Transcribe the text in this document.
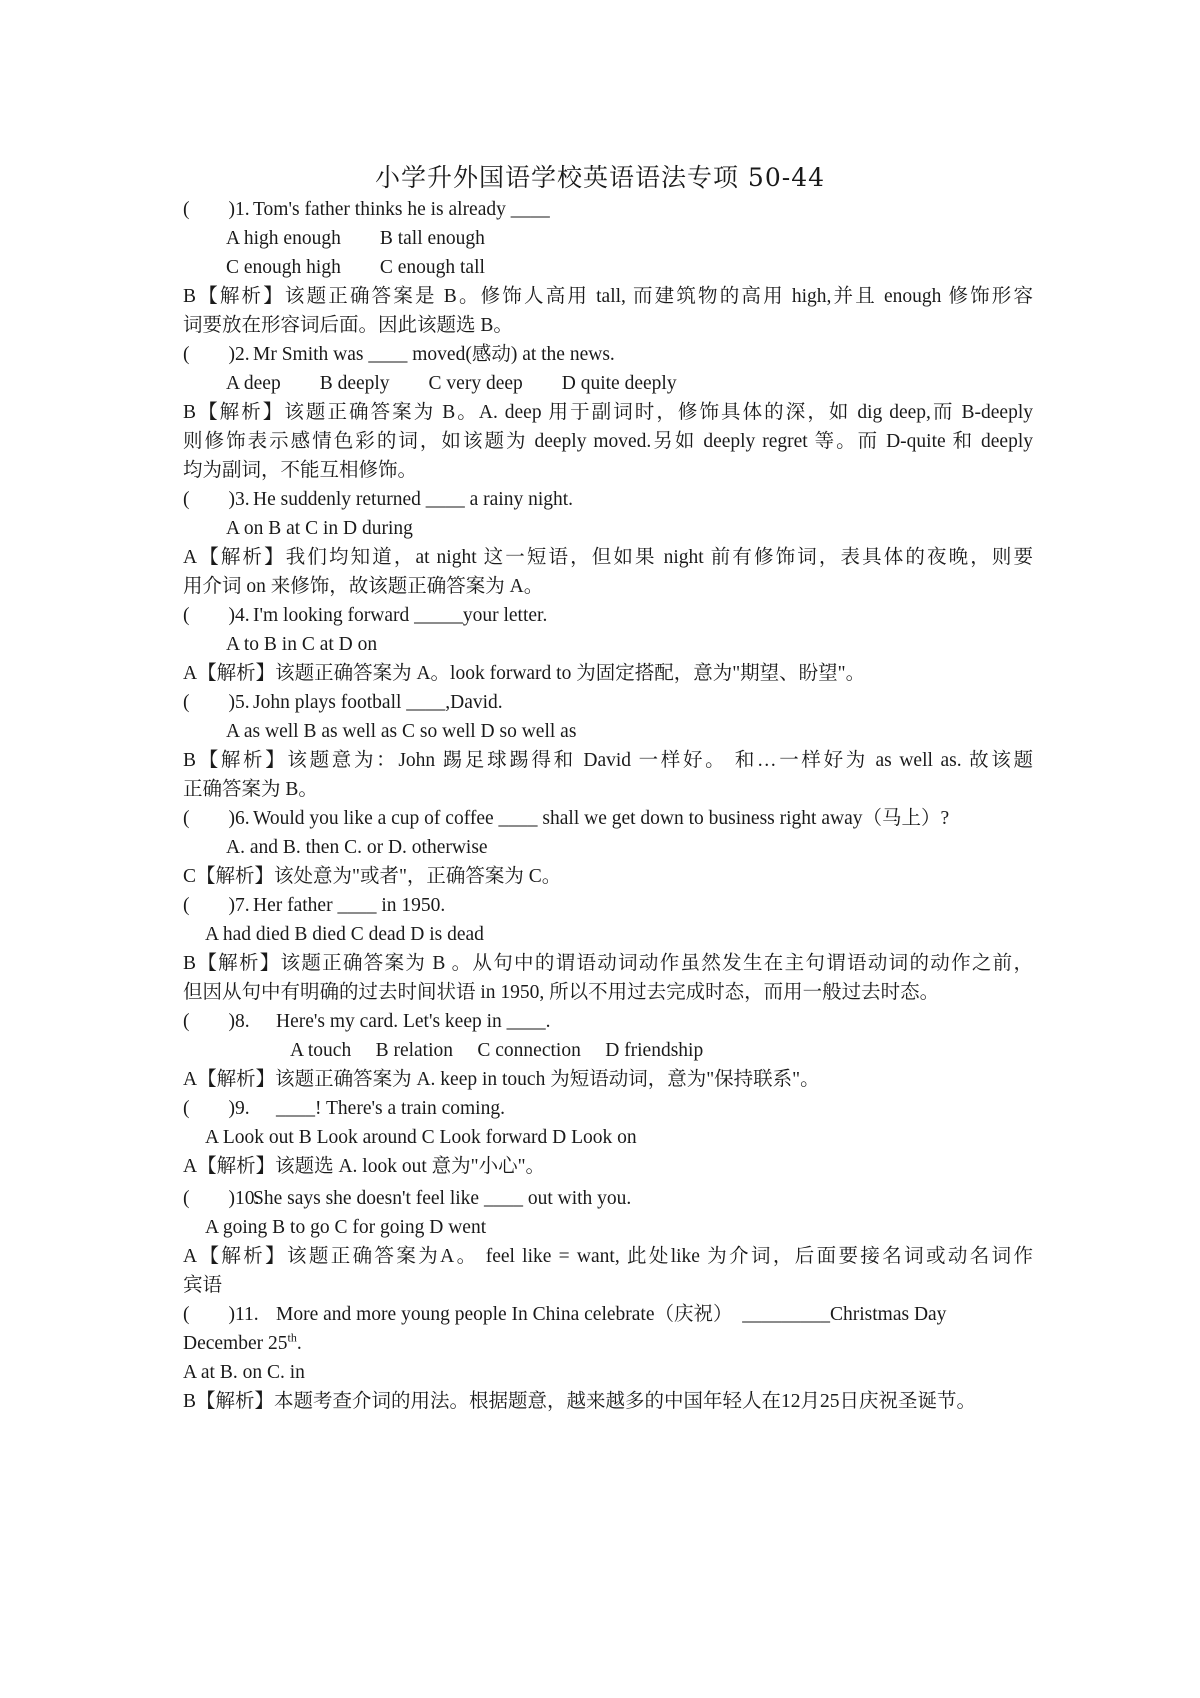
小学升外国语学校英语语法专项 50-44
(　　)1. Tom's father thinks he is already ____
A high enough　　B tall enough
C enough high　　C enough tall
B【解析】该题正确答案是 B。修饰人高用 tall, 而建筑物的高用 high,并且 enough 修饰形容
词要放在形容词后面。因此该题选 B。
(　　)2. Mr Smith was ____ moved(感动) at the news.
A deep　　B deeply　　C very deep　　D quite deeply
B【解析】该题正确答案为 B。A. deep 用于副词时，修饰具体的深，如 dig deep,而 B-deeply
则修饰表示感情色彩的词，如该题为 deeply moved.另如 deeply regret 等。而 D-quite 和 deeply
均为副词，不能互相修饰。
(　　)3. He suddenly returned ____ a rainy night.
A on B at C in D during
A【解析】我们均知道，at night 这一短语，但如果 night 前有修饰词，表具体的夜晚，则要
用介词 on 来修饰，故该题正确答案为 A。
(　　)4. I'm looking forward _____your letter.
A to B in C at D on
A【解析】该题正确答案为 A。look forward to 为固定搭配，意为"期望、盼望"。
(　　)5. John plays football ____,David.
A as well B as well as C so well D so well as
B【解析】该题意为：John 踢足球踢得和 David 一样好。 和…一样好为 as well as. 故该题
正确答案为 B。
(　　)6. Would you like a cup of coffee ____ shall we get down to business right away（马上）?
A. and B. then C. or D. otherwise
C【解析】该处意为"或者"，正确答案为 C。
(　　)7. Her father ____ in 1950.
A had died B died C dead D is dead
B【解析】该题正确答案为 B 。从句中的谓语动词动作虽然发生在主句谓语动词的动作之前，
但因从句中有明确的过去时间状语 in 1950, 所以不用过去完成时态，而用一般过去时态。
(　　)8. Here's my card. Let's keep in ____.
A touch　 B relation　 C connection　 D friendship
A【解析】该题正确答案为 A. keep in touch 为短语动词，意为"保持联系"。
(　　)9. ____! There's a train coming.
A Look out B Look around C Look forward D Look on
A【解析】该题选 A. look out 意为"小心"。
(　　)10.She says she doesn't feel like ____ out with you.
A going B to go C for going D went
A【解析】该题正确答案为A。 feel like = want, 此处like 为介词，后面要接名词或动名词作
宾语
(　　)11. More and more young people In China celebrate（庆祝）　_________Christmas Day
December 25th.
A at B. on C. in
B【解析】本题考查介词的用法。根据题意，越来越多的中国年轻人在12月25日庆祝圣诞节。
